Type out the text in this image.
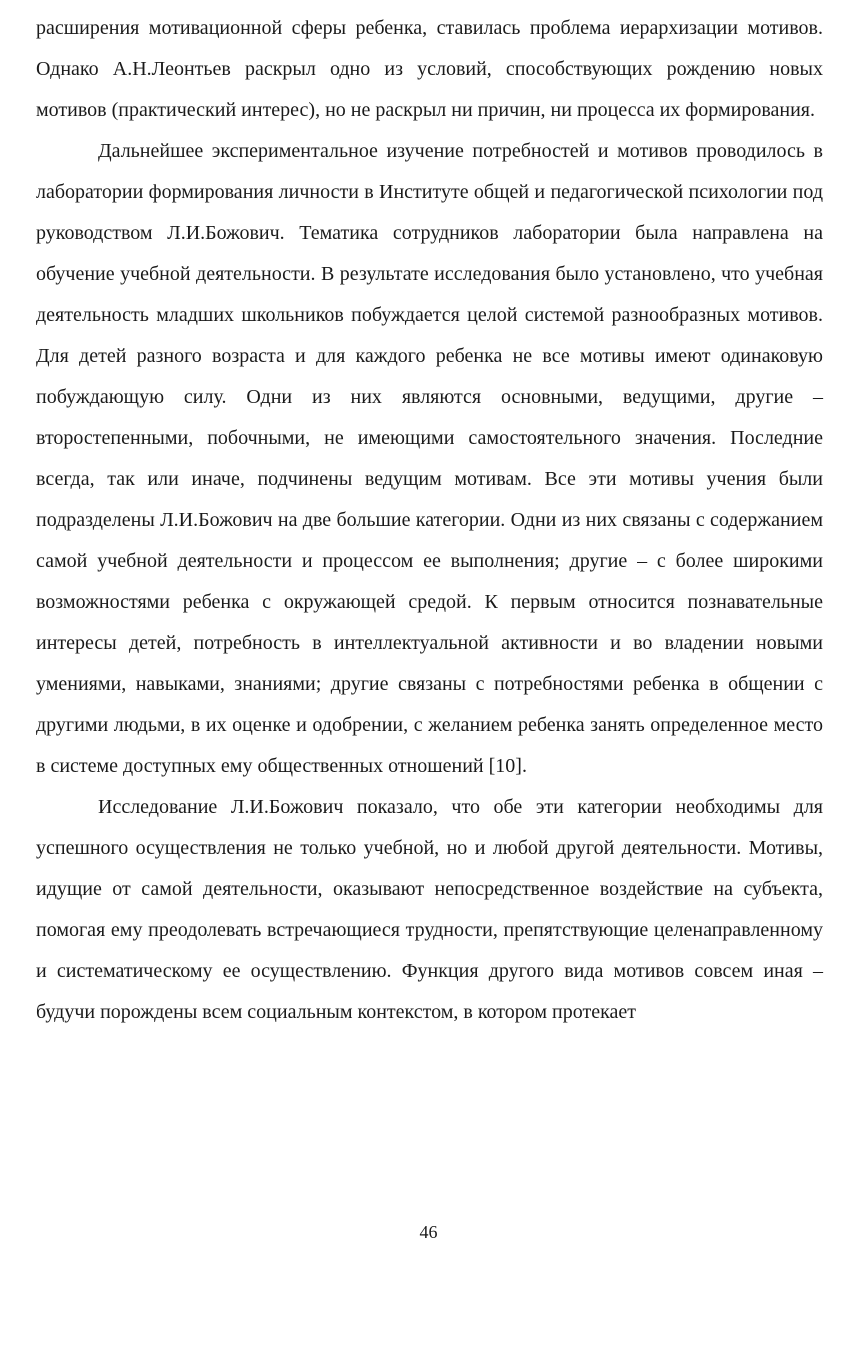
расширения мотивационной сферы ребенка, ставилась проблема иерархизации мотивов. Однако А.Н.Леонтьев раскрыл одно из условий, способствующих рождению новых мотивов (практический интерес), но не раскрыл ни причин, ни процесса их формирования.

Дальнейшее экспериментальное изучение потребностей и мотивов проводилось в лаборатории формирования личности в Институте общей и педагогической психологии под руководством Л.И.Божович. Тематика сотрудников лаборатории была направлена на обучение учебной деятельности. В результате исследования было установлено, что учебная деятельность младших школьников побуждается целой системой разнообразных мотивов. Для детей разного возраста и для каждого ребенка не все мотивы имеют одинаковую побуждающую силу. Одни из них являются основными, ведущими, другие – второстепенными, побочными, не имеющими самостоятельного значения. Последние всегда, так или иначе, подчинены ведущим мотивам. Все эти мотивы учения были подразделены Л.И.Божович на две большие категории. Одни из них связаны с содержанием самой учебной деятельности и процессом ее выполнения; другие – с более широкими возможностями ребенка с окружающей средой. К первым относится познавательные интересы детей, потребность в интеллектуальной активности и во владении новыми умениями, навыками, знаниями; другие связаны с потребностями ребенка в общении с другими людьми, в их оценке и одобрении, с желанием ребенка занять определенное место в системе доступных ему общественных отношений [10].

Исследование Л.И.Божович показало, что обе эти категории необходимы для успешного осуществления не только учебной, но и любой другой деятельности. Мотивы, идущие от самой деятельности, оказывают непосредственное воздействие на субъекта, помогая ему преодолевать встречающиеся трудности, препятствующие целенаправленному и систематическому ее осуществлению. Функция другого вида мотивов совсем иная – будучи порождены всем социальным контекстом, в котором протекает

46
